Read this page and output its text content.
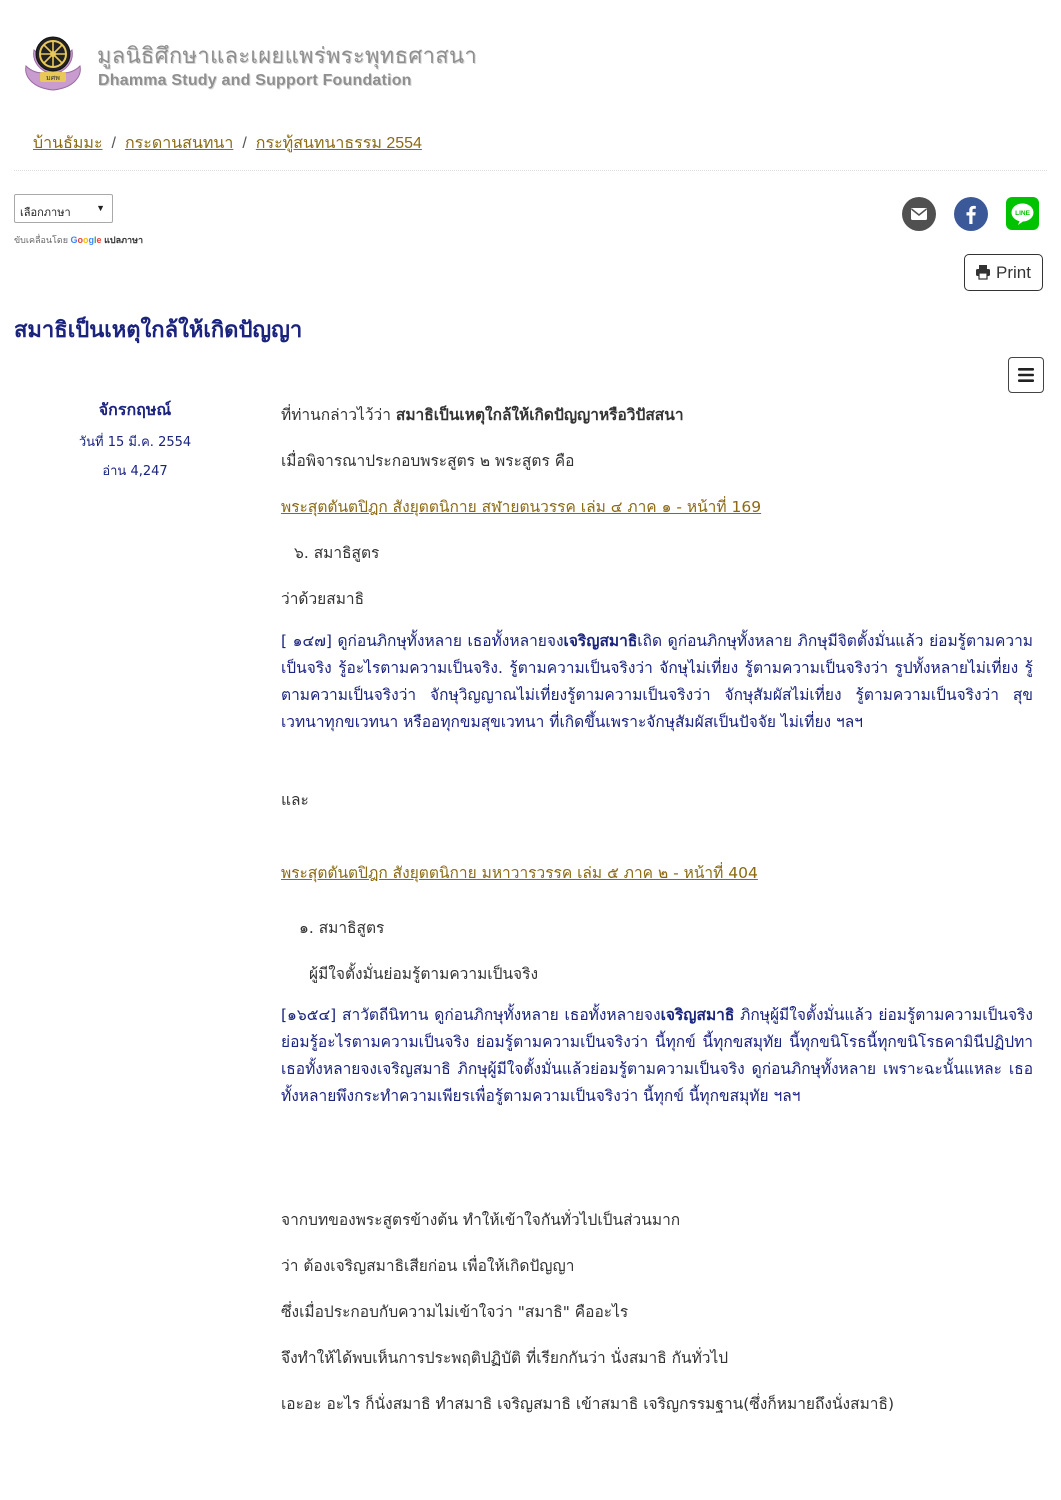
มศพ
มูลนิธิศึกษาและเผยแพร่พระพุทธศาสนา
Dhamma Study and Support Foundation
บ้านธัมมะ / กระดานสนทนา / กระทู้สนทนาธรรม 2554
เลือกภาษา	▼
ขับเคลื่อนโดย Google แปลภาษา
LINE
Print
สมาธิเป็นเหตุใกล้ให้เกิดปัญญา
จักรกฤษณ์
วันที่ 15 มี.ค. 2554
อ่าน 4,247

ที่ท่านกล่าวไว้ว่า สมาธิเป็นเหตุใกล้ให้เกิดปัญญาหรือวิปัสสนา

เมื่อพิจารณาประกอบพระสูตร ๒ พระสูตร คือ

พระสุตตันตปิฎก สังยุตตนิกาย สฬายตนวรรค เล่ม ๔ ภาค ๑ - หน้าที่ 169

๖. สมาธิสูตร

ว่าด้วยสมาธิ

[ ๑๔๗] ดูก่อนภิกษุทั้งหลาย เธอทั้งหลายจงเจริญสมาธิเถิด ดูก่อนภิกษุทั้งหลาย ภิกษุมีจิตตั้งมั่นแล้ว ย่อมรู้ตามความเป็นจริง รู้อะไรตามความเป็นจริง. รู้ตามความเป็นจริงว่า จักษุไม่เที่ยง รู้ตามความเป็นจริงว่า รูปทั้งหลายไม่เที่ยง รู้ตามความเป็นจริงว่า จักษุวิญญาณไม่เที่ยงรู้ตามความเป็นจริงว่า จักษุสัมผัสไม่เที่ยง รู้ตามความเป็นจริงว่า สุขเวทนาทุกขเวทนา หรืออทุกขมสุขเวทนา ที่เกิดขึ้นเพราะจักษุสัมผัสเป็นปัจจัย ไม่เที่ยง ฯลฯ

และ

พระสุตตันตปิฎก สังยุตตนิกาย มหาวารวรรค เล่ม ๕ ภาค ๒ - หน้าที่ 404

๑. สมาธิสูตร

ผู้มีใจตั้งมั่นย่อมรู้ตามความเป็นจริง

[๑๖๕๔] สาวัตถีนิทาน ดูก่อนภิกษุทั้งหลาย เธอทั้งหลายจงเจริญสมาธิ ภิกษุผู้มีใจตั้งมั่นแล้ว ย่อมรู้ตามความเป็นจริง ย่อมรู้อะไรตามความเป็นจริง ย่อมรู้ตามความเป็นจริงว่า นี้ทุกข์ นี้ทุกขสมุทัย นี้ทุกขนิโรธนี้ทุกขนิโรธคามินีปฏิปทา เธอทั้งหลายจงเจริญสมาธิ ภิกษุผู้มีใจตั้งมั่นแล้วย่อมรู้ตามความเป็นจริง ดูก่อนภิกษุทั้งหลาย เพราะฉะนั้นแหละ เธอทั้งหลายพึงกระทำความเพียรเพื่อรู้ตามความเป็นจริงว่า นี้ทุกข์ นี้ทุกขสมุทัย ฯลฯ

จากบทของพระสูตรข้างต้น ทำให้เข้าใจกันทั่วไปเป็นส่วนมาก

ว่า ต้องเจริญสมาธิเสียก่อน เพื่อให้เกิดปัญญา

ซึ่งเมื่อประกอบกับความไม่เข้าใจว่า "สมาธิ" คืออะไร

จึงทำให้ได้พบเห็นการประพฤติปฏิบัติ ที่เรียกกันว่า นั่งสมาธิ กันทั่วไป

เอะอะ อะไร ก็นั่งสมาธิ ทำสมาธิ เจริญสมาธิ เข้าสมาธิ เจริญกรรมฐาน(ซึ่งก็หมายถึงนั่งสมาธิ)
